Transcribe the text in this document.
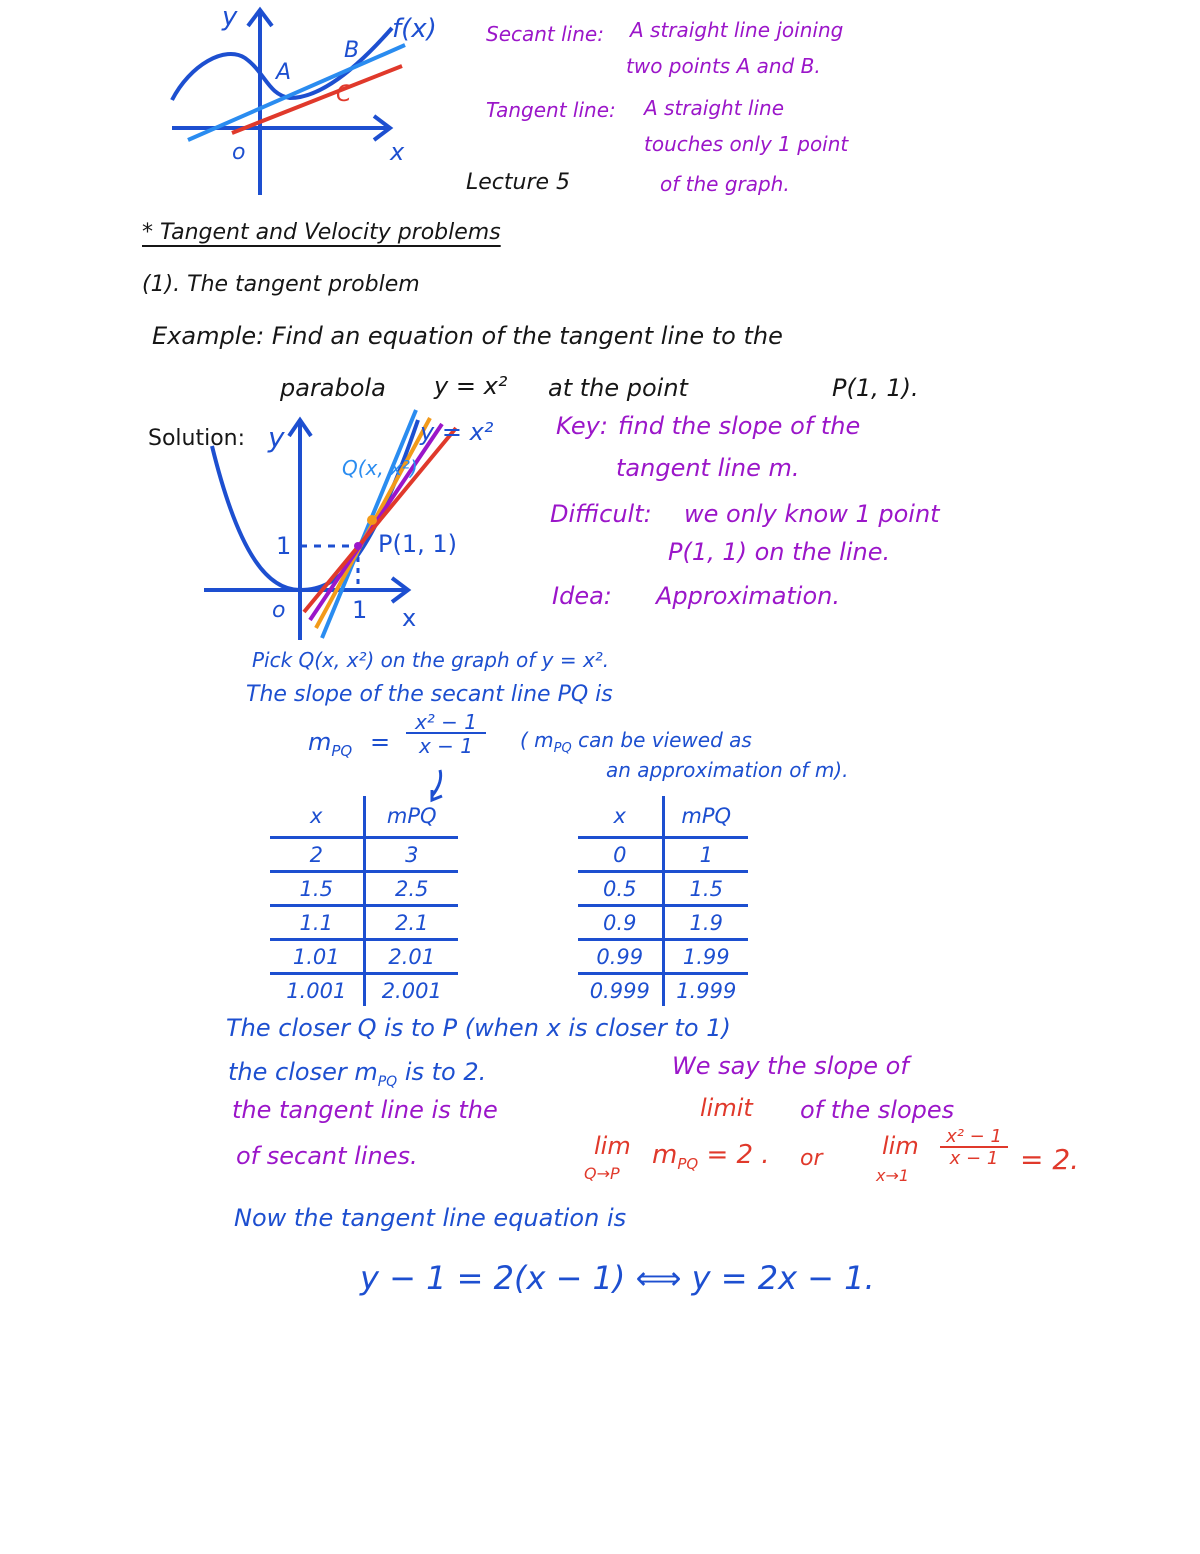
y
x
o
A
B
C
f(x) Secant line: A straight line joining
two points A and B.
Tangent line: A straight line
touches only 1 point
of the graph.
Lecture 5
* Tangent and Velocity problems
(1). The tangent problem
Example: Find an equation of the tangent line to the
parabola y = x² at the point	P(1, 1).
Solution: y
x
o
1
1
y = x²
Q(x, x²)
P(1, 1)
Key: find the slope of the
tangent line m.
Difficult: we only know 1 point
P(1, 1) on the line.
Idea: Approximation.
Pick Q(x, x²) on the graph of y = x².
The slope of the secant line PQ is
$m_{PQ} = \frac{\text{x² − 1}}{x - 1}$ ( $m_{PQ}$ can be viewed as
an approximation of m).
x	mPQ
2	3
1.5	2.5
1.1	2.1
1.01	2.01
1.001	2.001
x	mPQ
0	1
0.5	1.5
0.9	1.9
0.99	1.99
0.999	1.999
The closer Q is to P (when x is closer to 1)
the closer $m_{PQ}$ is to 2.	We say the slope of
the tangent line is the	limit of the slopes
of secant lines.	lim
Q→P
$m_{PQ} = 2$ . or lim
x→1
$\frac{\text{x² − 1}}{x - 1} = 2$.
Now the tangent line equation is
y − 1 = 2(x − 1) ⟺ y = 2x − 1.
